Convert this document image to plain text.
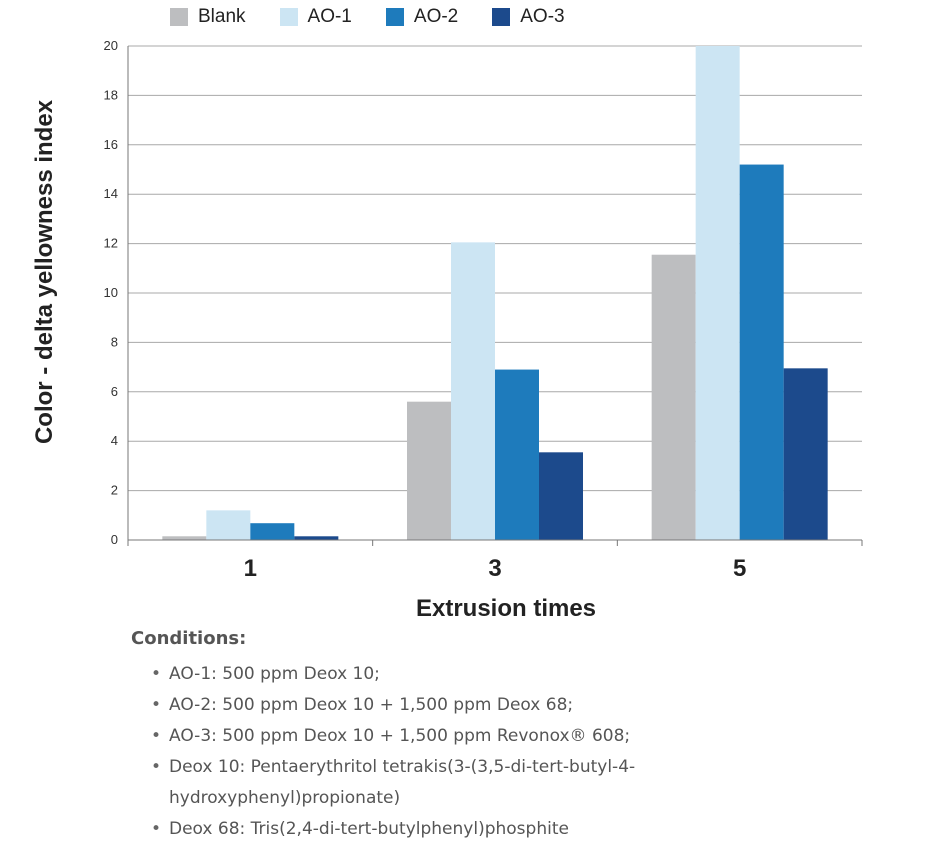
Blank	AO-1	AO-2	AO-3
0
2
4
6
8
10
12
14
16
18
20
1	3	5
Extrusion times
Color - delta yellowness index
Conditions:
• AO-1: 500 ppm Deox 10;
• AO-2: 500 ppm Deox 10 + 1,500 ppm Deox 68;
• AO-3: 500 ppm Deox 10 + 1,500 ppm Revonox® 608;
• Deox 10: Pentaerythritol tetrakis(3-(3,5-di-tert-butyl-4-
hydroxyphenyl)propionate)
• Deox 68: Tris(2,4-di-tert-butylphenyl)phosphite
